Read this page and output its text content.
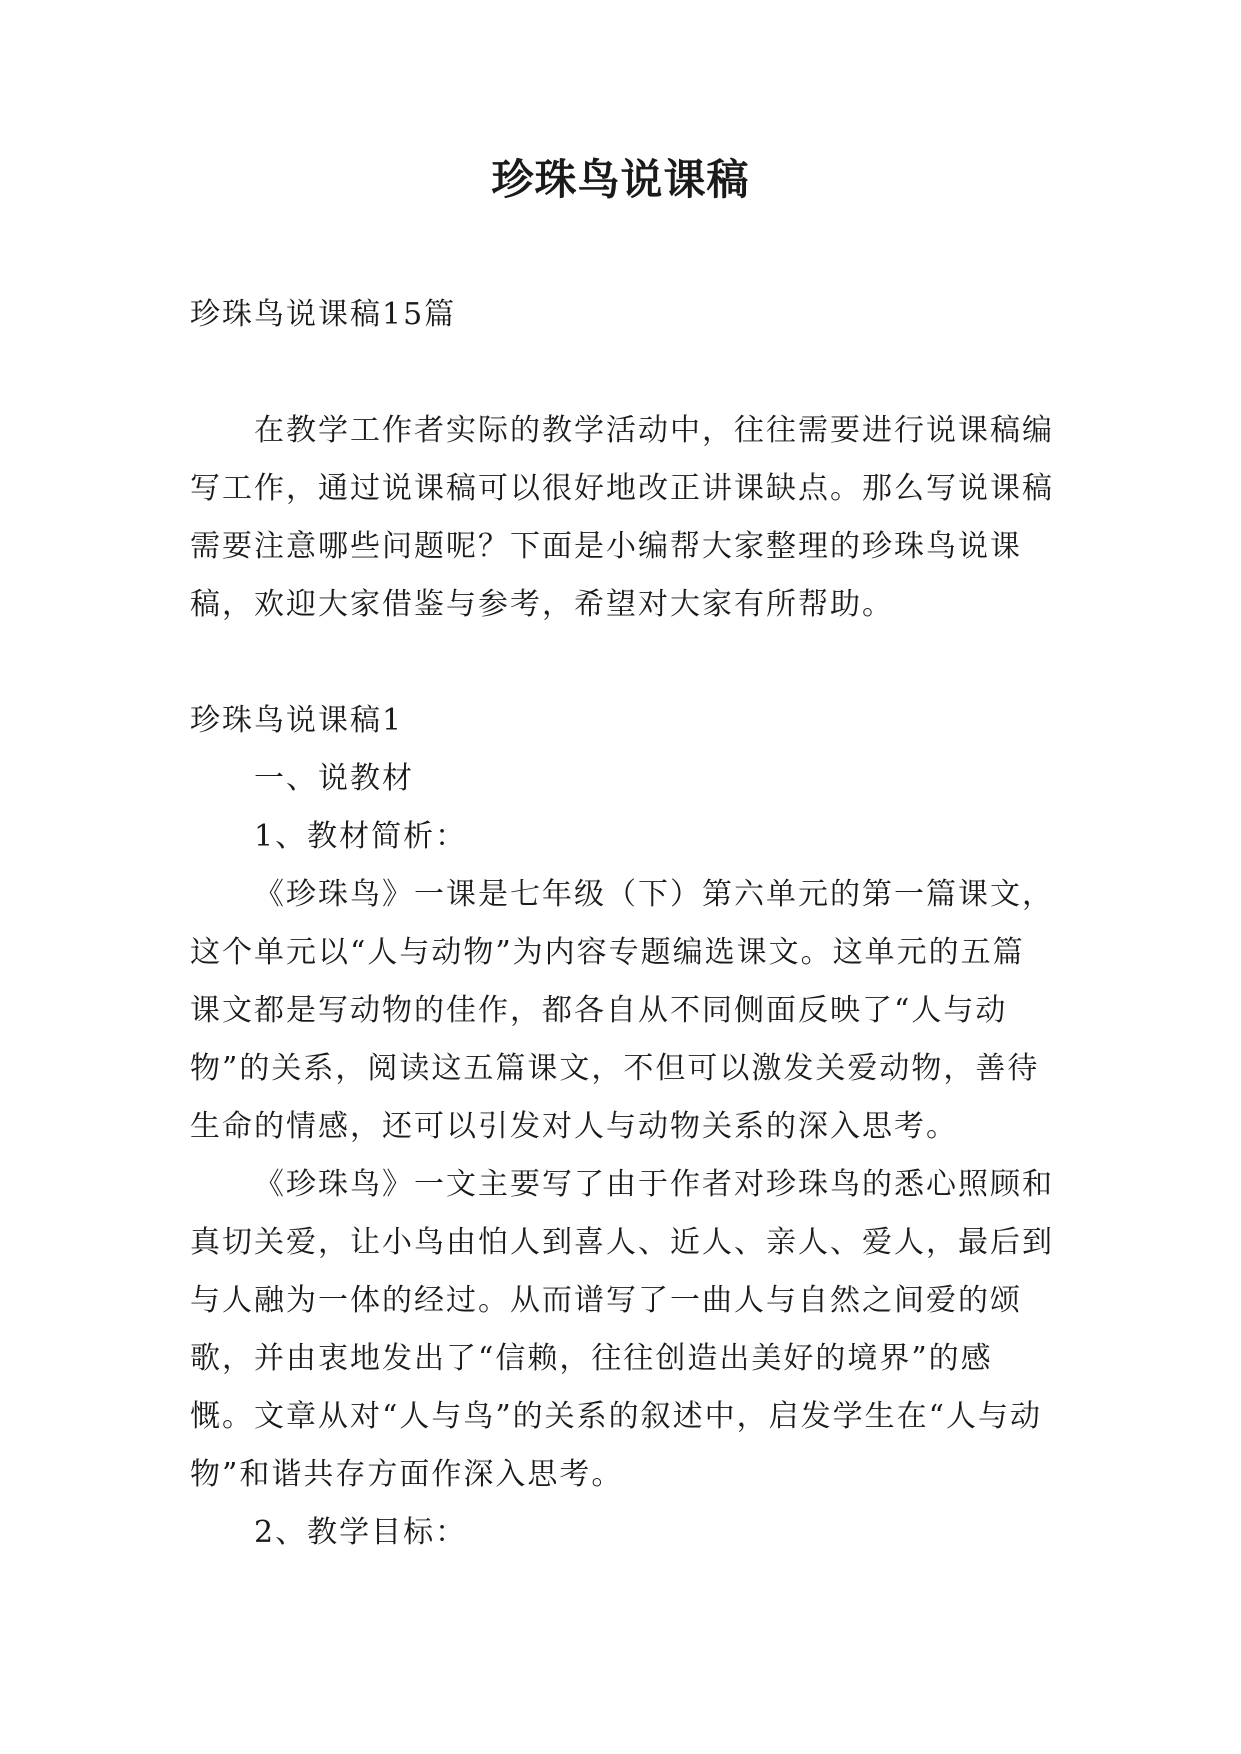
珍珠鸟说课稿
珍珠鸟说课稿15篇
在教学工作者实际的教学活动中，往往需要进行说课稿编写工作，通过说课稿可以很好地改正讲课缺点。那么写说课稿需要注意哪些问题呢？下面是小编帮大家整理的珍珠鸟说课稿，欢迎大家借鉴与参考，希望对大家有所帮助。

珍珠鸟说课稿1

一、说教材

1、教材简析：

《珍珠鸟》一课是七年级（下）第六单元的第一篇课文，这个单元以“人与动物”为内容专题编选课文。这单元的五篇课文都是写动物的佳作，都各自从不同侧面反映了“人与动物”的关系，阅读这五篇课文，不但可以激发关爱动物，善待生命的情感，还可以引发对人与动物关系的深入思考。

《珍珠鸟》一文主要写了由于作者对珍珠鸟的悉心照顾和真切关爱，让小鸟由怕人到喜人、近人、亲人、爱人，最后到与人融为一体的经过。从而谱写了一曲人与自然之间爱的颂歌，并由衷地发出了“信赖，往往创造出美好的境界”的感慨。文章从对“人与鸟”的关系的叙述中，启发学生在“人与动物”和谐共存方面作深入思考。

2、教学目标：
